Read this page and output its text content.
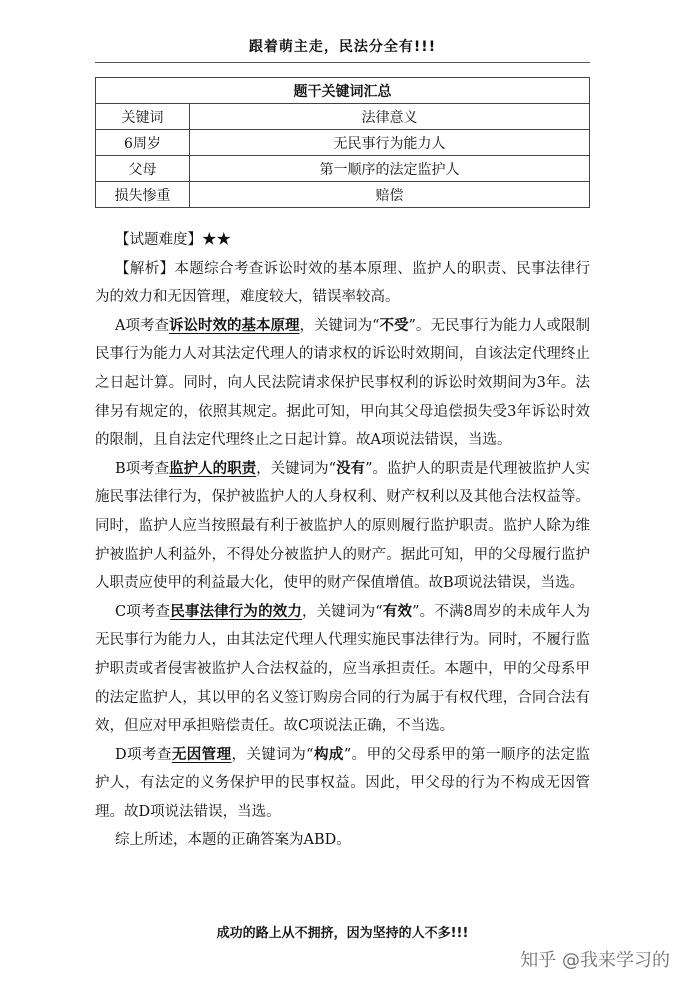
跟着萌主走，民法分全有!!!
题干关键词汇总	
关键词	法律意义
6周岁	无民事行为能力人
父母	第一顺序的法定监护人
损失惨重	赔偿

【试题难度】★★

【解析】本题综合考查诉讼时效的基本原理、监护人的职责、民事法律行为的效力和无因管理，难度较大，错误率较高。

A项考查诉讼时效的基本原理，关键词为“不受”。无民事行为能力人或限制民事行为能力人对其法定代理人的请求权的诉讼时效期间，自该法定代理终止之日起计算。同时，向人民法院请求保护民事权利的诉讼时效期间为3年。法律另有规定的，依照其规定。据此可知，甲向其父母追偿损失受3年诉讼时效的限制，且自法定代理终止之日起计算。故A项说法错误，当选。

B项考查监护人的职责，关键词为“没有”。监护人的职责是代理被监护人实施民事法律行为，保护被监护人的人身权利、财产权利以及其他合法权益等。同时，监护人应当按照最有利于被监护人的原则履行监护职责。监护人除为维护被监护人利益外，不得处分被监护人的财产。据此可知，甲的父母履行监护人职责应使甲的利益最大化，使甲的财产保值增值。故B项说法错误，当选。

C项考查民事法律行为的效力，关键词为“有效”。不满8周岁的未成年人为无民事行为能力人，由其法定代理人代理实施民事法律行为。同时，不履行监护职责或者侵害被监护人合法权益的，应当承担责任。本题中，甲的父母系甲的法定监护人，其以甲的名义签订购房合同的行为属于有权代理，合同合法有效，但应对甲承担赔偿责任。故C项说法正确，不当选。

D项考查无因管理，关键词为“构成”。甲的父母系甲的第一顺序的法定监护人，有法定的义务保护甲的民事权益。因此，甲父母的行为不构成无因管理。故D项说法错误，当选。

综上所述，本题的正确答案为ABD。

成功的路上从不拥挤，因为坚持的人不多!!!
知乎 @我来学习的
